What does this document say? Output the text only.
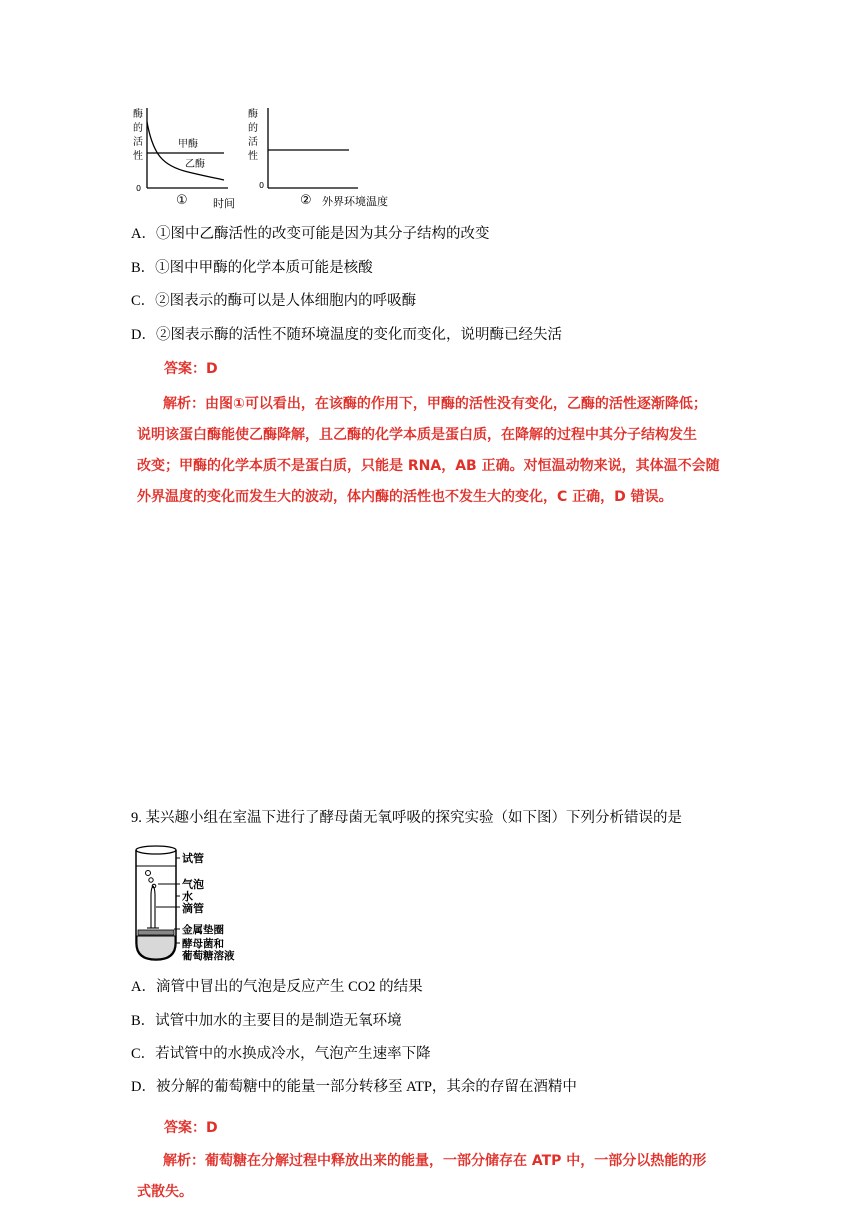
酶
的
活
性
0
甲酶
乙酶
① 时间
酶
的
活
性
0
② 外界环境温度
A．①图中乙酶活性的改变可能是因为其分子结构的改变
B．①图中甲酶的化学本质可能是核酸
C．②图表示的酶可以是人体细胞内的呼吸酶
D．②图表示酶的活性不随环境温度的变化而变化，说明酶已经失活
答案：D

解析：由图①可以看出，在该酶的作用下，甲酶的活性没有变化，乙酶的活性逐渐降低；

说明该蛋白酶能使乙酶降解，且乙酶的化学本质是蛋白质，在降解的过程中其分子结构发生

改变；甲酶的化学本质不是蛋白质，只能是 RNA，AB 正确。对恒温动物来说，其体温不会随

外界温度的变化而发生大的波动，体内酶的活性也不发生大的变化，C 正确，D 错误。

9. 某兴趣小组在室温下进行了酵母菌无氧呼吸的探究实验（如下图）下列分析错误的是
试管
气泡
水
滴管
金属垫圈
酵母菌和
葡萄糖溶液
A．滴管中冒出的气泡是反应产生 CO2 的结果
B．试管中加水的主要目的是制造无氧环境
C．若试管中的水换成冷水，气泡产生速率下降
D．被分解的葡萄糖中的能量一部分转移至 ATP，其余的存留在酒精中
答案：D

解析：葡萄糖在分解过程中释放出来的能量，一部分储存在 ATP 中，一部分以热能的形

式散失。
